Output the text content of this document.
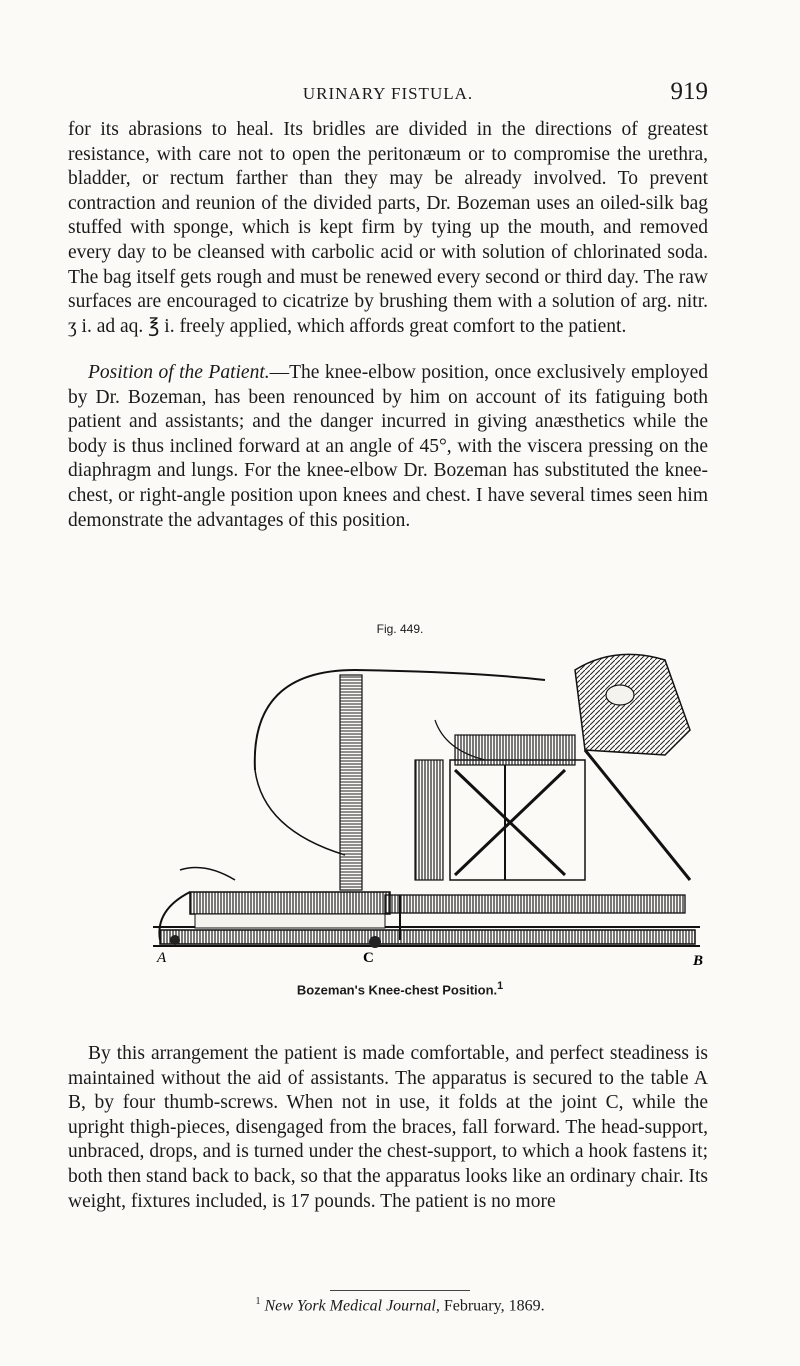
URINARY FISTULA.	919

for its abrasions to heal. Its bridles are divided in the directions of greatest resistance, with care not to open the peritonæum or to compromise the urethra, bladder, or rectum farther than they may be already involved. To prevent contraction and reunion of the divided parts, Dr. Bozeman uses an oiled-silk bag stuffed with sponge, which is kept firm by tying up the mouth, and removed every day to be cleansed with carbolic acid or with solution of chlorinated soda. The bag itself gets rough and must be renewed every second or third day. The raw surfaces are encouraged to cicatrize by brushing them with a solution of arg. nitr. ʒ i. ad aq. ℥ i. freely applied, which affords great comfort to the patient.

Position of the Patient.—The knee-elbow position, once exclusively employed by Dr. Bozeman, has been renounced by him on account of its fatiguing both patient and assistants; and the danger incurred in giving anæsthetics while the body is thus inclined forward at an angle of 45°, with the viscera pressing on the diaphragm and lungs. For the knee-elbow Dr. Bozeman has substituted the knee-chest, or right-angle position upon knees and chest. I have several times seen him demonstrate the advantages of this position.

Fig. 449.
A	C	B
Bozeman's Knee-chest Position.$^1$

By this arrangement the patient is made comfortable, and perfect steadiness is maintained without the aid of assistants. The apparatus is secured to the table A B, by four thumb-screws. When not in use, it folds at the joint C, while the upright thigh-pieces, disengaged from the braces, fall forward. The head-support, unbraced, drops, and is turned under the chest-support, to which a hook fastens it; both then stand back to back, so that the apparatus looks like an ordinary chair. Its weight, fixtures included, is 17 pounds. The patient is no more

$^1$ New York Medical Journal, February, 1869.
